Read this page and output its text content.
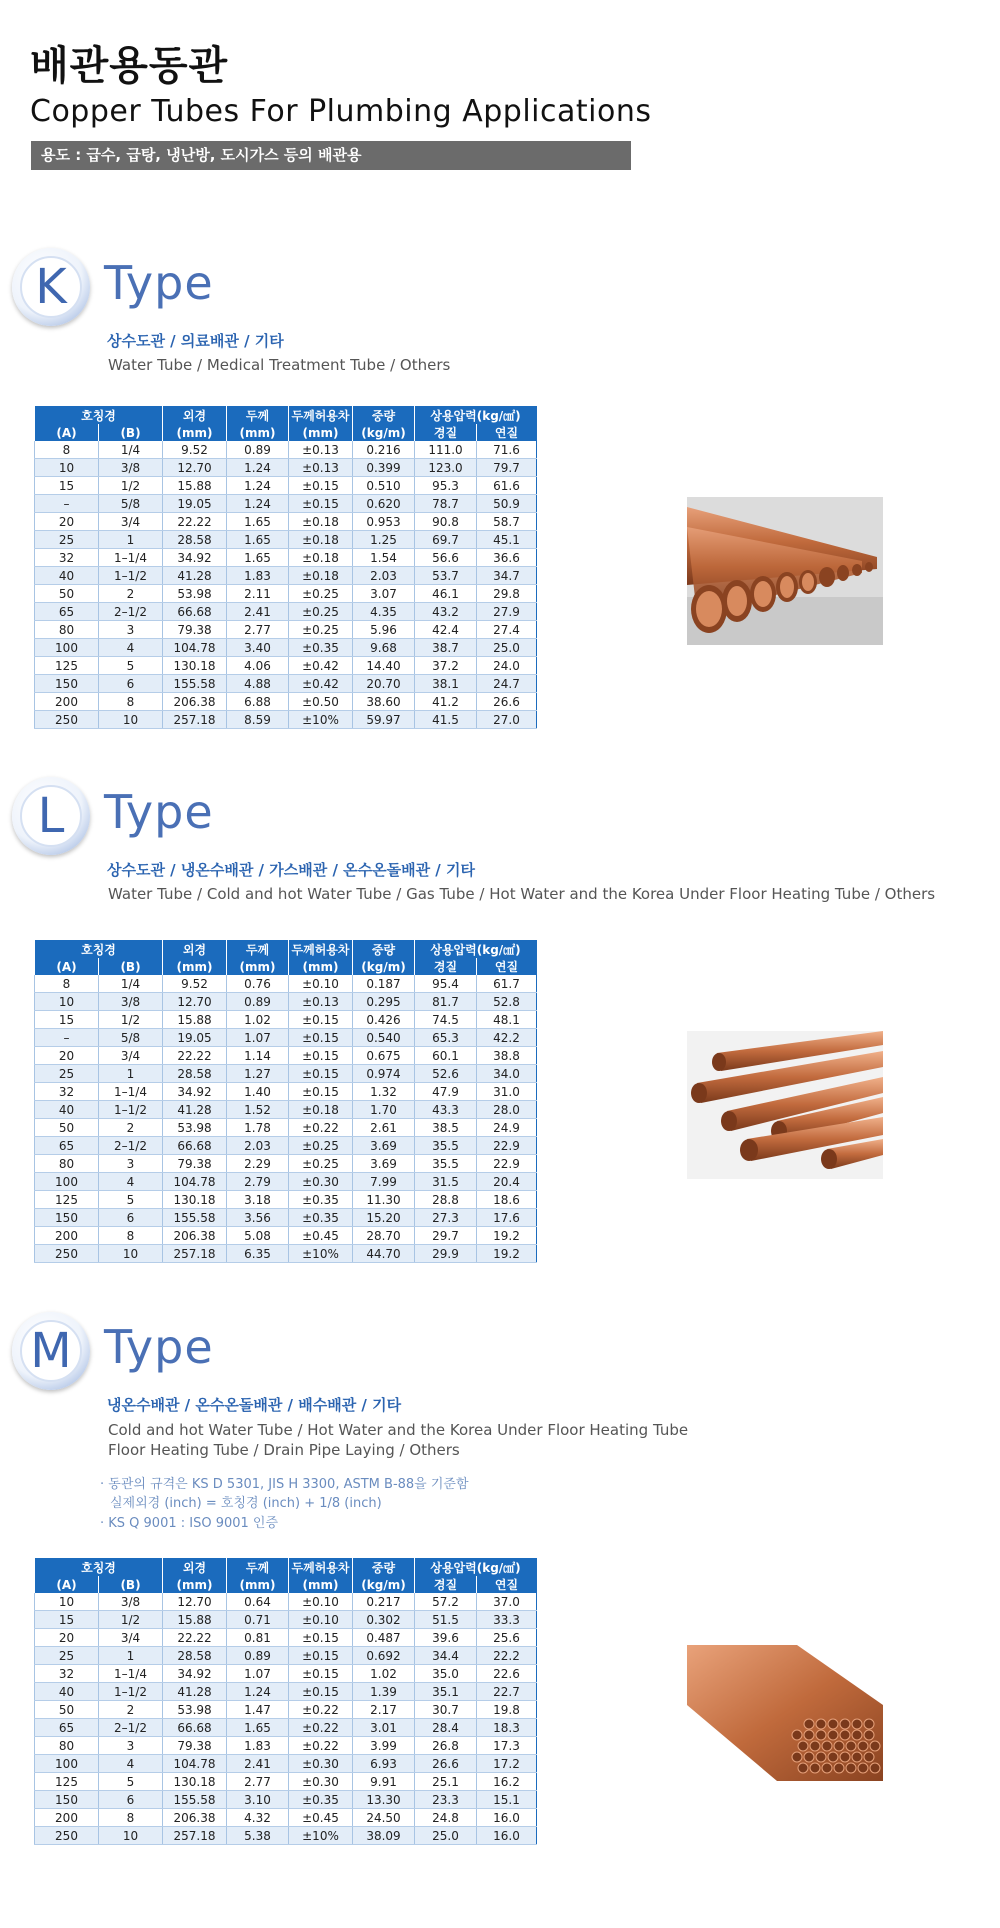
배관용동관
Copper Tubes For Plumbing Applications
용도 : 급수, 급탕, 냉난방, 도시가스 등의 배관용
K Type
상수도관 / 의료배관 / 기타
Water Tube / Medical Treatment Tube / Others
호칭경		외경	두께	두께허용차	중량	상용압력(kg/㎠)	
(A)	(B)	(mm)	(mm)	(mm)	(kg/m)	경질	연질
8	1/4	9.52	0.89	±0.13	0.216	111.0	71.6
10	3/8	12.70	1.24	±0.13	0.399	123.0	79.7
15	1/2	15.88	1.24	±0.15	0.510	95.3	61.6
–	5/8	19.05	1.24	±0.15	0.620	78.7	50.9
20	3/4	22.22	1.65	±0.18	0.953	90.8	58.7
25	1	28.58	1.65	±0.18	1.25	69.7	45.1
32	1–1/4	34.92	1.65	±0.18	1.54	56.6	36.6
40	1–1/2	41.28	1.83	±0.18	2.03	53.7	34.7
50	2	53.98	2.11	±0.25	3.07	46.1	29.8
65	2–1/2	66.68	2.41	±0.25	4.35	43.2	27.9
80	3	79.38	2.77	±0.25	5.96	42.4	27.4
100	4	104.78	3.40	±0.35	9.68	38.7	25.0
125	5	130.18	4.06	±0.42	14.40	37.2	24.0
150	6	155.58	4.88	±0.42	20.70	38.1	24.7
200	8	206.38	6.88	±0.50	38.60	41.2	26.6
250	10	257.18	8.59	±10%	59.97	41.5	27.0
L Type
상수도관 / 냉온수배관 / 가스배관 / 온수온돌배관 / 기타
Water Tube / Cold and hot Water Tube / Gas Tube / Hot Water and the Korea Under Floor Heating Tube / Others
호칭경		외경	두께	두께허용차	중량	상용압력(kg/㎠)	
(A)	(B)	(mm)	(mm)	(mm)	(kg/m)	경질	연질
8	1/4	9.52	0.76	±0.10	0.187	95.4	61.7
10	3/8	12.70	0.89	±0.13	0.295	81.7	52.8
15	1/2	15.88	1.02	±0.15	0.426	74.5	48.1
–	5/8	19.05	1.07	±0.15	0.540	65.3	42.2
20	3/4	22.22	1.14	±0.15	0.675	60.1	38.8
25	1	28.58	1.27	±0.15	0.974	52.6	34.0
32	1–1/4	34.92	1.40	±0.15	1.32	47.9	31.0
40	1–1/2	41.28	1.52	±0.18	1.70	43.3	28.0
50	2	53.98	1.78	±0.22	2.61	38.5	24.9
65	2–1/2	66.68	2.03	±0.25	3.69	35.5	22.9
80	3	79.38	2.29	±0.25	3.69	35.5	22.9
100	4	104.78	2.79	±0.30	7.99	31.5	20.4
125	5	130.18	3.18	±0.35	11.30	28.8	18.6
150	6	155.58	3.56	±0.35	15.20	27.3	17.6
200	8	206.38	5.08	±0.45	28.70	29.7	19.2
250	10	257.18	6.35	±10%	44.70	29.9	19.2
M Type
냉온수배관 / 온수온돌배관 / 배수배관 / 기타
Cold and hot Water Tube / Hot Water and the Korea Under Floor Heating Tube
Floor Heating Tube / Drain Pipe Laying / Others
· 동관의 규격은 KS D 5301, JIS H 3300, ASTM B-88을 기준함
실제외경 (inch) = 호칭경 (inch) + 1/8 (inch)
· KS Q 9001 : ISO 9001 인증
호칭경		외경	두께	두께허용차	중량	상용압력(kg/㎠)	
(A)	(B)	(mm)	(mm)	(mm)	(kg/m)	경질	연질
10	3/8	12.70	0.64	±0.10	0.217	57.2	37.0
15	1/2	15.88	0.71	±0.10	0.302	51.5	33.3
20	3/4	22.22	0.81	±0.15	0.487	39.6	25.6
25	1	28.58	0.89	±0.15	0.692	34.4	22.2
32	1–1/4	34.92	1.07	±0.15	1.02	35.0	22.6
40	1–1/2	41.28	1.24	±0.15	1.39	35.1	22.7
50	2	53.98	1.47	±0.22	2.17	30.7	19.8
65	2–1/2	66.68	1.65	±0.22	3.01	28.4	18.3
80	3	79.38	1.83	±0.22	3.99	26.8	17.3
100	4	104.78	2.41	±0.30	6.93	26.6	17.2
125	5	130.18	2.77	±0.30	9.91	25.1	16.2
150	6	155.58	3.10	±0.35	13.30	23.3	15.1
200	8	206.38	4.32	±0.45	24.50	24.8	16.0
250	10	257.18	5.38	±10%	38.09	25.0	16.0
